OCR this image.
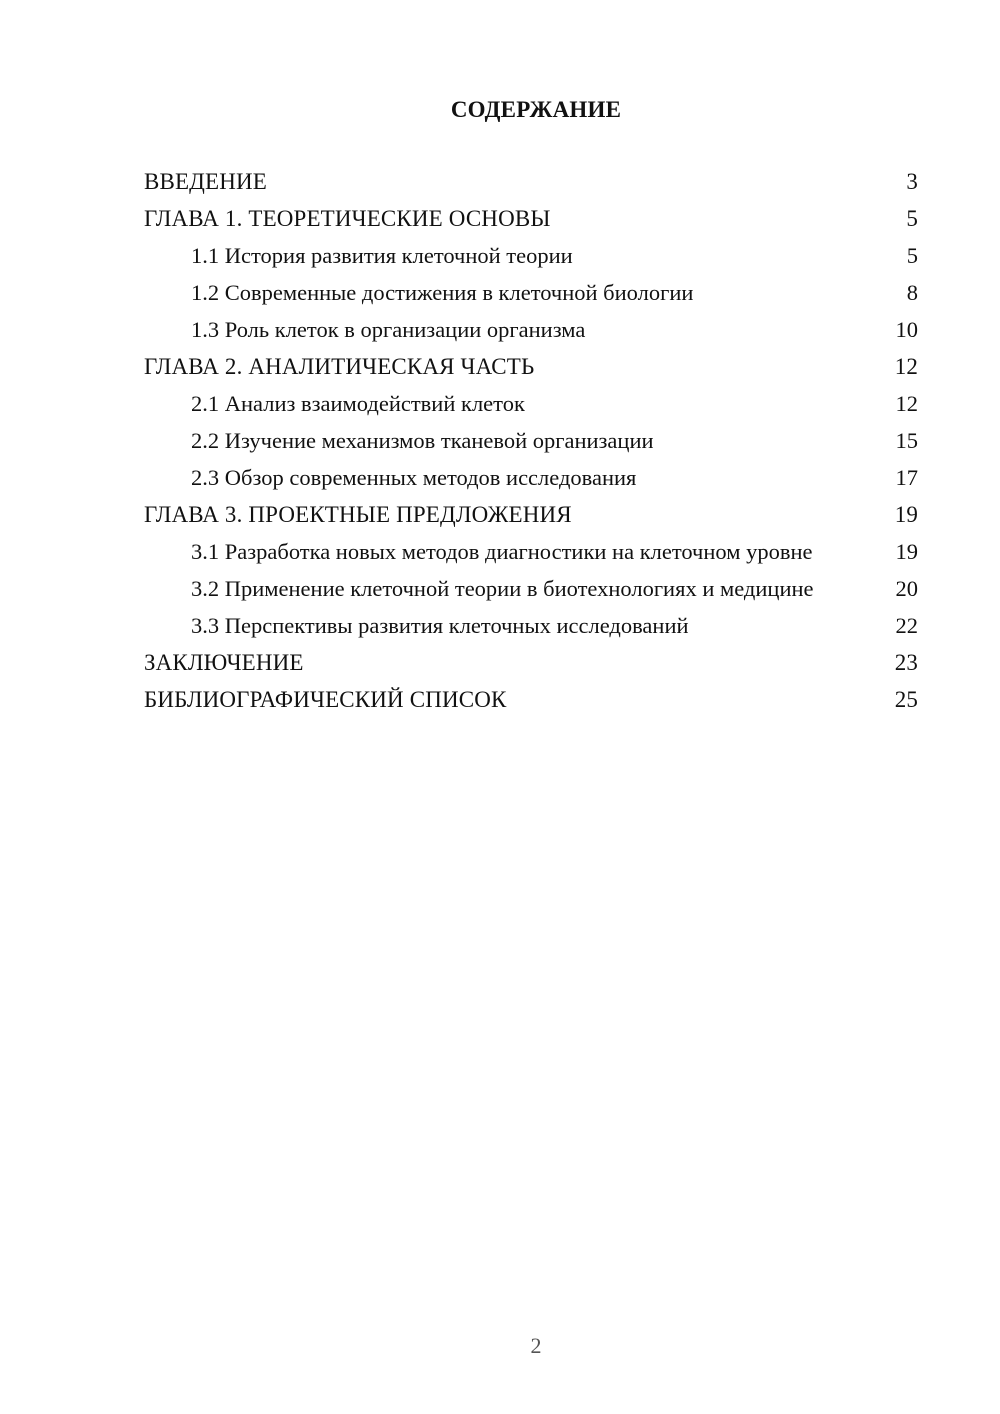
СОДЕРЖАНИЕ
ВВЕДЕНИЕ	3
ГЛАВА 1. ТЕОРЕТИЧЕСКИЕ ОСНОВЫ	5
1.1 История развития клеточной теории	5
1.2 Современные достижения в клеточной биологии	8
1.3 Роль клеток в организации организма	10
ГЛАВА 2. АНАЛИТИЧЕСКАЯ ЧАСТЬ	12
2.1 Анализ взаимодействий клеток	12
2.2 Изучение механизмов тканевой организации	15
2.3 Обзор современных методов исследования	17
ГЛАВА 3. ПРОЕКТНЫЕ ПРЕДЛОЖЕНИЯ	19
3.1 Разработка новых методов диагностики на клеточном уровне	19
3.2 Применение клеточной теории в биотехнологиях и медицине	20
3.3 Перспективы развития клеточных исследований	22
ЗАКЛЮЧЕНИЕ	23
БИБЛИОГРАФИЧЕСКИЙ СПИСОК	25
2
